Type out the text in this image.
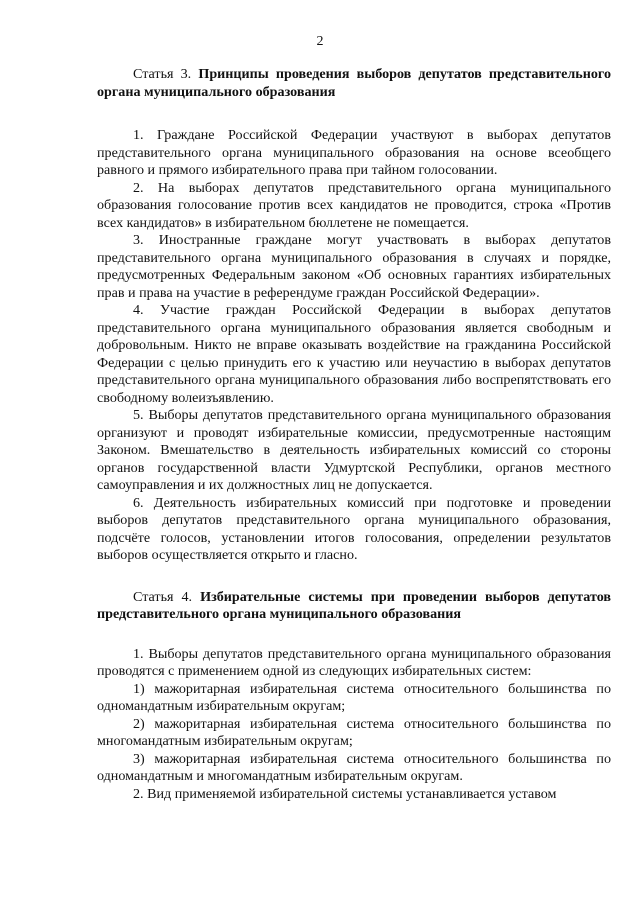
2

Статья 3. Принципы проведения выборов депутатов представительного органа муниципального образования

1. Граждане Российской Федерации участвуют в выборах депутатов представительного органа муниципального образования на основе всеобщего равного и прямого избирательного права при тайном голосовании.

2. На выборах депутатов представительного органа муниципального образования голосование против всех кандидатов не проводится, строка «Против всех кандидатов» в избирательном бюллетене не помещается.

3. Иностранные граждане могут участвовать в выборах депутатов представительного органа муниципального образования в случаях и порядке, предусмотренных Федеральным законом «Об основных гарантиях избирательных прав и права на участие в референдуме граждан Российской Федерации».

4. Участие граждан Российской Федерации в выборах депутатов представительного органа муниципального образования является свободным и добровольным. Никто не вправе оказывать воздействие на гражданина Российской Федерации с целью принудить его к участию или неучастию в выборах депутатов представительного органа муниципального образования либо воспрепятствовать его свободному волеизъявлению.

5. Выборы депутатов представительного органа муниципального образования организуют и проводят избирательные комиссии, предусмотренные настоящим Законом. Вмешательство в деятельность избирательных комиссий со стороны органов государственной власти Удмуртской Республики, органов местного самоуправления и их должностных лиц не допускается.

6. Деятельность избирательных комиссий при подготовке и проведении выборов депутатов представительного органа муниципального образования, подсчёте голосов, установлении итогов голосования, определении результатов выборов осуществляется открыто и гласно.

Статья 4. Избирательные системы при проведении выборов депутатов представительного органа муниципального образования

1. Выборы депутатов представительного органа муниципального образования проводятся с применением одной из следующих избирательных систем:

1) мажоритарная избирательная система относительного большинства по одномандатным избирательным округам;

2) мажоритарная избирательная система относительного большинства по многомандатным избирательным округам;

3) мажоритарная избирательная система относительного большинства по одномандатным и многомандатным избирательным округам.

2. Вид применяемой избирательной системы устанавливается уставом
